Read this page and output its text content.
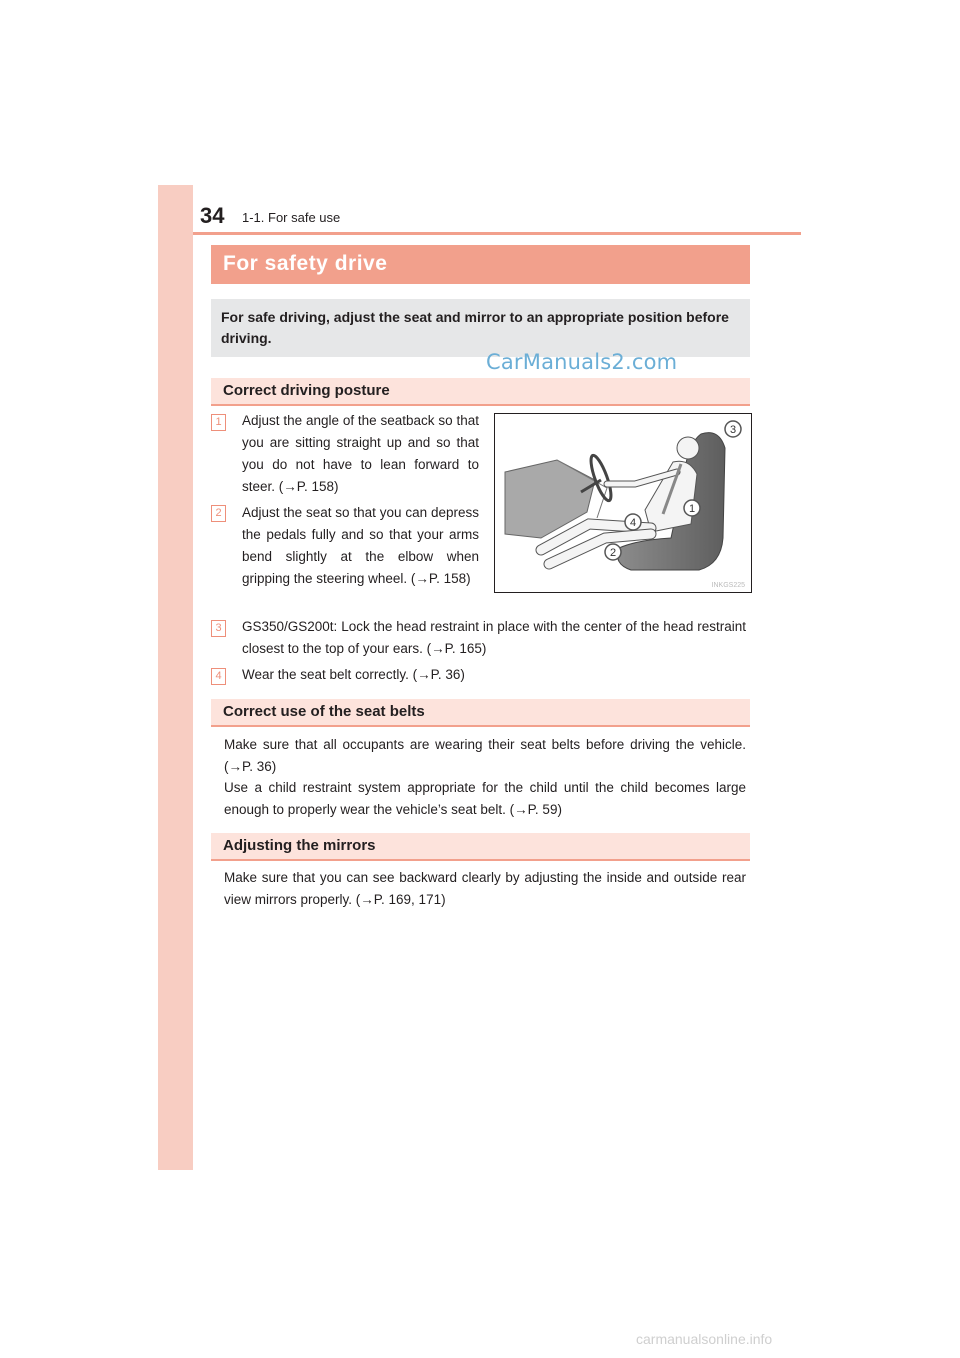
34 1-1. For safe use
For safety drive
For safe driving, adjust the seat and mirror to an appropriate position before driving.
CarManuals2.com
Correct driving posture
1	Adjust the angle of the seatback so that you are sitting straight up and so that you do not have to lean forward to steer. (→P. 158)
2	Adjust the seat so that you can depress the pedals fully and so that your arms bend slightly at the elbow when gripping the steering wheel. (→P. 158)
3
1
4
2
INKGS225
3	GS350/GS200t: Lock the head restraint in place with the center of the head restraint closest to the top of your ears. (→P. 165)
4	Wear the seat belt correctly. (→P. 36)
Correct use of the seat belts
Make sure that all occupants are wearing their seat belts before driving the vehicle. (→P. 36)
Use a child restraint system appropriate for the child until the child becomes large enough to properly wear the vehicle’s seat belt. (→P. 59)
Adjusting the mirrors
Make sure that you can see backward clearly by adjusting the inside and outside rear view mirrors properly. (→P. 169, 171)
carmanualsonline.info
